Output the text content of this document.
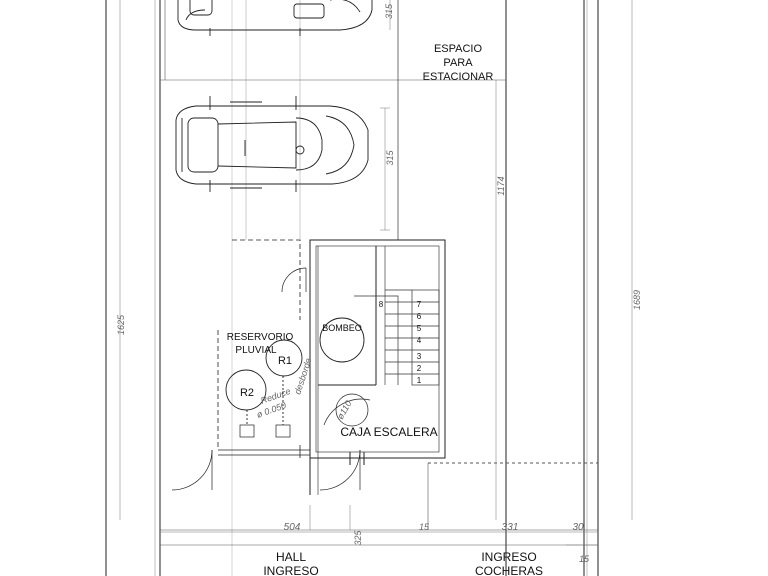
ESPACIO
PARA
ESTACIONAR
RESERVORIO
PLUVIAL
BOMBEO
R1
R2	desborde
Reduce
ø 0.050	ø110
CAJA ESCALERA
1
2
3
4
5
6
7
8
HALL
INGRESO
INGRESO
COCHERAS
315
315
1174
1625
1689
504
325
15	331	30
15
